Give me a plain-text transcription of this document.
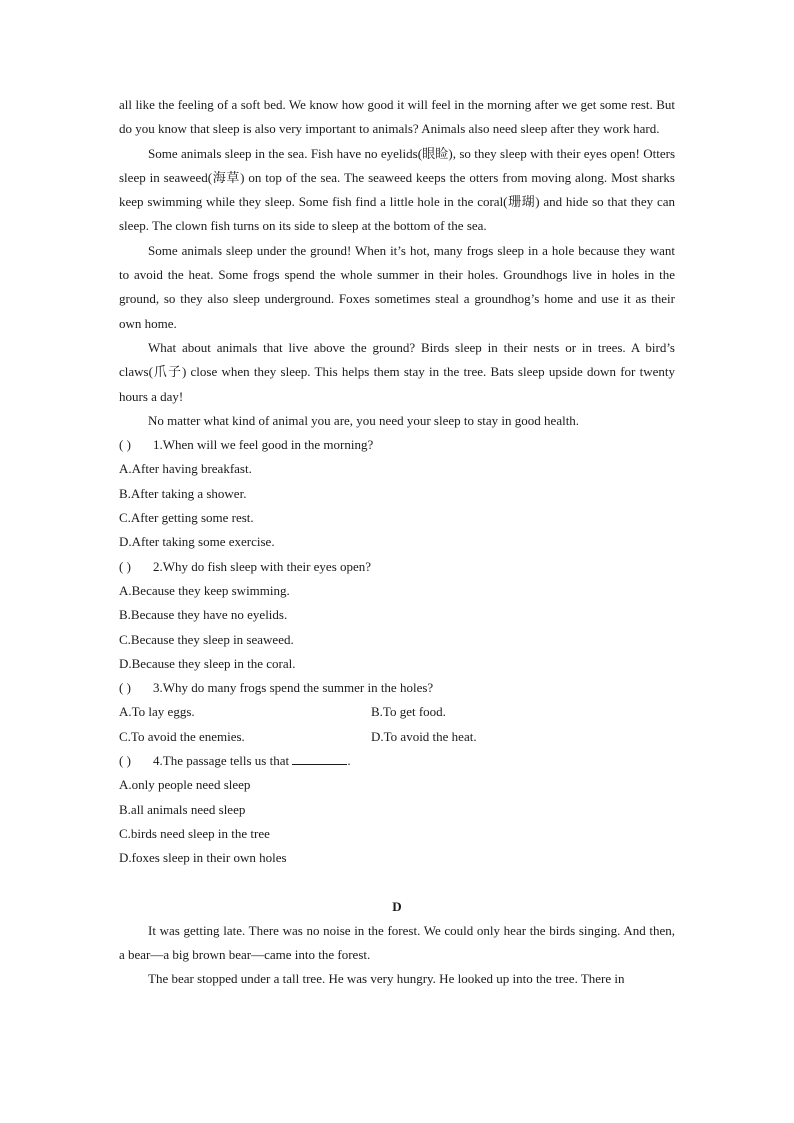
all like the feeling of a soft bed. We know how good it will feel in the morning after we get some rest. But do you know that sleep is also very important to animals? Animals also need sleep after they work hard.

Some animals sleep in the sea. Fish have no eyelids(眼睑), so they sleep with their eyes open! Otters sleep in seaweed(海草) on top of the sea. The seaweed keeps the otters from moving along. Most sharks keep swimming while they sleep. Some fish find a little hole in the coral(珊瑚) and hide so that they can sleep. The clown fish turns on its side to sleep at the bottom of the sea.

Some animals sleep under the ground! When it’s hot, many frogs sleep in a hole because they want to avoid the heat. Some frogs spend the whole summer in their holes. Groundhogs live in holes in the ground, so they also sleep underground. Foxes sometimes steal a groundhog’s home and use it as their own home.

What about animals that live above the ground? Birds sleep in their nests or in trees. A bird’s claws(爪子) close when they sleep. This helps them stay in the tree. Bats sleep upside down for twenty hours a day!

No matter what kind of animal you are, you need your sleep to stay in good health.

( ) 1.When will we feel good in the morning?
A.After having breakfast.
B.After taking a shower.
C.After getting some rest.
D.After taking some exercise.
( ) 2.Why do fish sleep with their eyes open?
A.Because they keep swimming.
B.Because they have no eyelids.
C.Because they sleep in seaweed.
D.Because they sleep in the coral.
( ) 3.Why do many frogs spend the summer in the holes?
A.To lay eggs.	B.To get food.
C.To avoid the enemies.	D.To avoid the heat.
( ) 4.The passage tells us that	.
A.only people need sleep
B.all animals need sleep
C.birds need sleep in the tree
D.foxes sleep in their own holes
D

It was getting late. There was no noise in the forest. We could only hear the birds singing. And then, a bear—a big brown bear—came into the forest.

The bear stopped under a tall tree. He was very hungry. He looked up into the tree. There in
